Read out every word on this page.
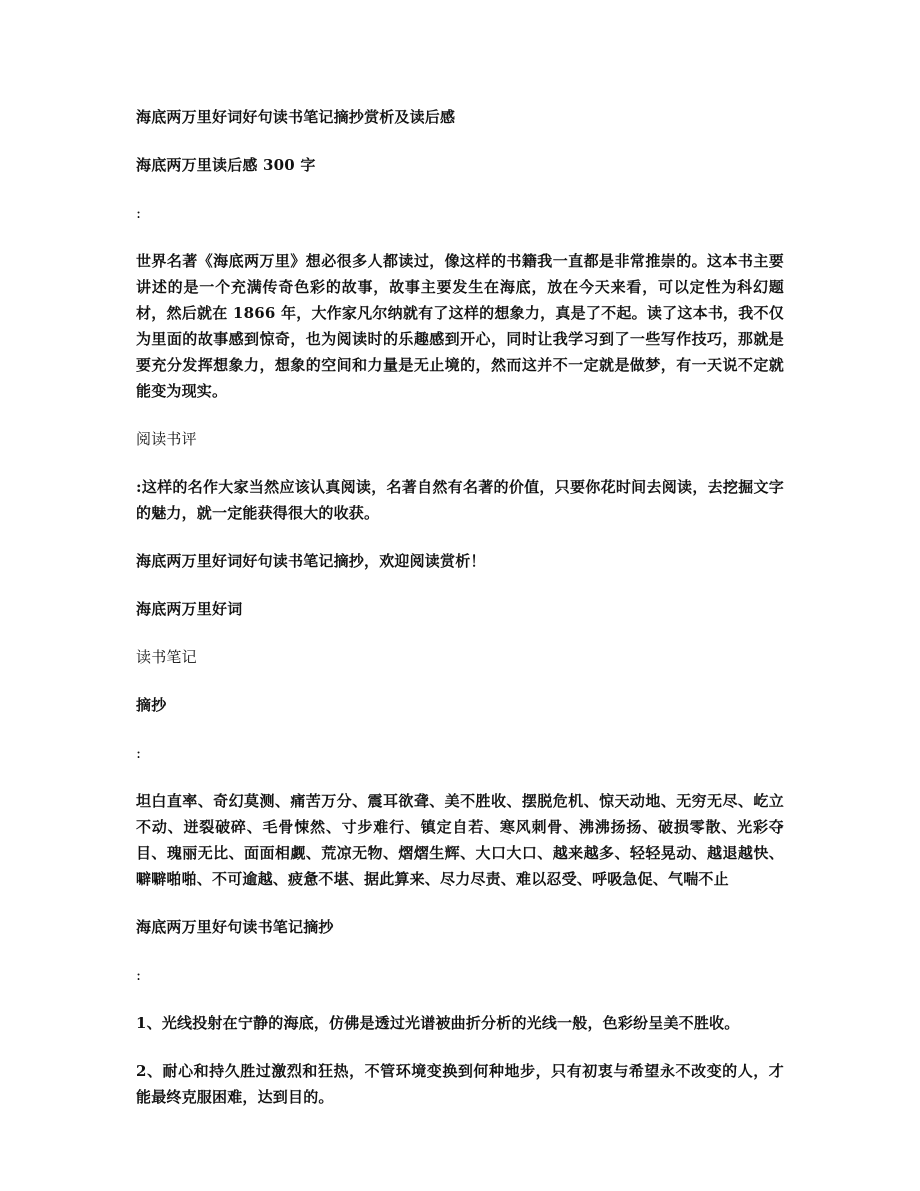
海底两万里好词好句读书笔记摘抄赏析及读后感

海底两万里读后感 300 字

:

世界名著《海底两万里》想必很多人都读过，像这样的书籍我一直都是非常推崇的。这本书主要讲述的是一个充满传奇色彩的故事，故事主要发生在海底，放在今天来看，可以定性为科幻题材，然后就在 1866 年，大作家凡尔纳就有了这样的想象力，真是了不起。读了这本书，我不仅为里面的故事感到惊奇，也为阅读时的乐趣感到开心，同时让我学习到了一些写作技巧，那就是要充分发挥想象力，想象的空间和力量是无止境的，然而这并不一定就是做梦，有一天说不定就能变为现实。

阅读书评

:这样的名作大家当然应该认真阅读，名著自然有名著的价值，只要你花时间去阅读，去挖掘文字的魅力，就一定能获得很大的收获。

海底两万里好词好句读书笔记摘抄，欢迎阅读赏析！

海底两万里好词

读书笔记

摘抄

:

坦白直率、奇幻莫测、痛苦万分、震耳欲聋、美不胜收、摆脱危机、惊天动地、无穷无尽、屹立不动、迸裂破碎、毛骨悚然、寸步难行、镇定自若、寒风刺骨、沸沸扬扬、破损零散、光彩夺目、瑰丽无比、面面相觑、荒凉无物、熠熠生辉、大口大口、越来越多、轻轻晃动、越退越快、噼噼啪啪、不可逾越、疲惫不堪、据此算来、尽力尽责、难以忍受、呼吸急促、气喘不止

海底两万里好句读书笔记摘抄

:

1、光线投射在宁静的海底，仿佛是透过光谱被曲折分析的光线一般，色彩纷呈美不胜收。

2、耐心和持久胜过激烈和狂热，不管环境变换到何种地步，只有初衷与希望永不改变的人，才能最终克服困难，达到目的。
